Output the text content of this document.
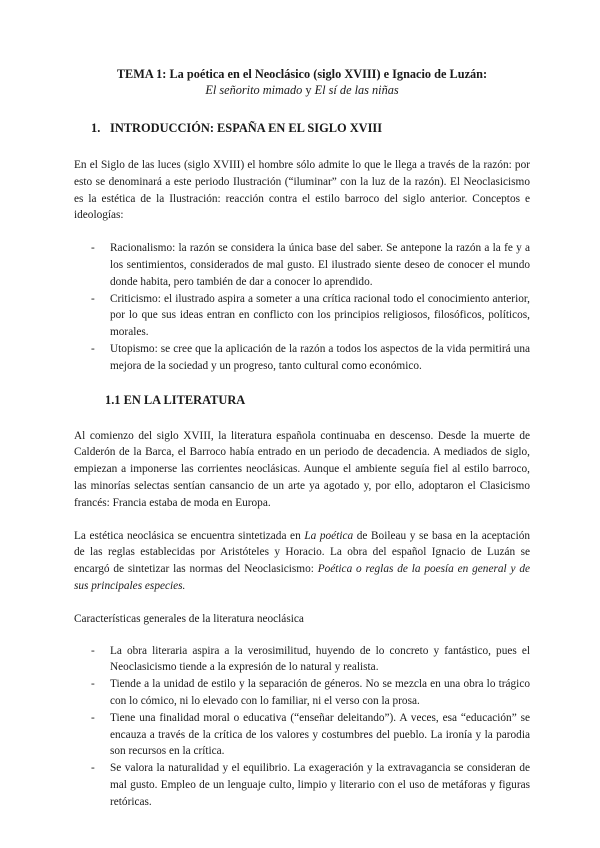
TEMA 1: La poética en el Neoclásico (siglo XVIII) e Ignacio de Luzán:

El señorito mimado y El sí de las niñas

1. INTRODUCCIÓN: ESPAÑA EN EL SIGLO XVIII

En el Siglo de las luces (siglo XVIII) el hombre sólo admite lo que le llega a través de la razón: por esto se denominará a este periodo Ilustración (“iluminar” con la luz de la razón). El Neoclasicismo es la estética de la Ilustración: reacción contra el estilo barroco del siglo anterior. Conceptos e ideologías:

- Racionalismo: la razón se considera la única base del saber. Se antepone la razón a la fe y a los sentimientos, considerados de mal gusto. El ilustrado siente deseo de conocer el mundo donde habita, pero también de dar a conocer lo aprendido.
- Criticismo: el ilustrado aspira a someter a una crítica racional todo el conocimiento anterior, por lo que sus ideas entran en conflicto con los principios religiosos, filosóficos, políticos, morales.
- Utopismo: se cree que la aplicación de la razón a todos los aspectos de la vida permitirá una mejora de la sociedad y un progreso, tanto cultural como económico.
1.1 EN LA LITERATURA

Al comienzo del siglo XVIII, la literatura española continuaba en descenso. Desde la muerte de Calderón de la Barca, el Barroco había entrado en un periodo de decadencia. A mediados de siglo, empiezan a imponerse las corrientes neoclásicas. Aunque el ambiente seguía fiel al estilo barroco, las minorías selectas sentían cansancio de un arte ya agotado y, por ello, adoptaron el Clasicismo francés: Francia estaba de moda en Europa.

La estética neoclásica se encuentra sintetizada en La poética de Boileau y se basa en la aceptación de las reglas establecidas por Aristóteles y Horacio. La obra del español Ignacio de Luzán se encargó de sintetizar las normas del Neoclasicismo: Poética o reglas de la poesía en general y de sus principales especies.

Características generales de la literatura neoclásica

- La obra literaria aspira a la verosimilitud, huyendo de lo concreto y fantástico, pues el Neoclasicismo tiende a la expresión de lo natural y realista.
- Tiende a la unidad de estilo y la separación de géneros. No se mezcla en una obra lo trágico con lo cómico, ni lo elevado con lo familiar, ni el verso con la prosa.
- Tiene una finalidad moral o educativa (“enseñar deleitando”). A veces, esa “educación” se encauza a través de la crítica de los valores y costumbres del pueblo. La ironía y la parodia son recursos en la crítica.
- Se valora la naturalidad y el equilibrio. La exageración y la extravagancia se consideran de mal gusto. Empleo de un lenguaje culto, limpio y literario con el uso de metáforas y figuras retóricas.
